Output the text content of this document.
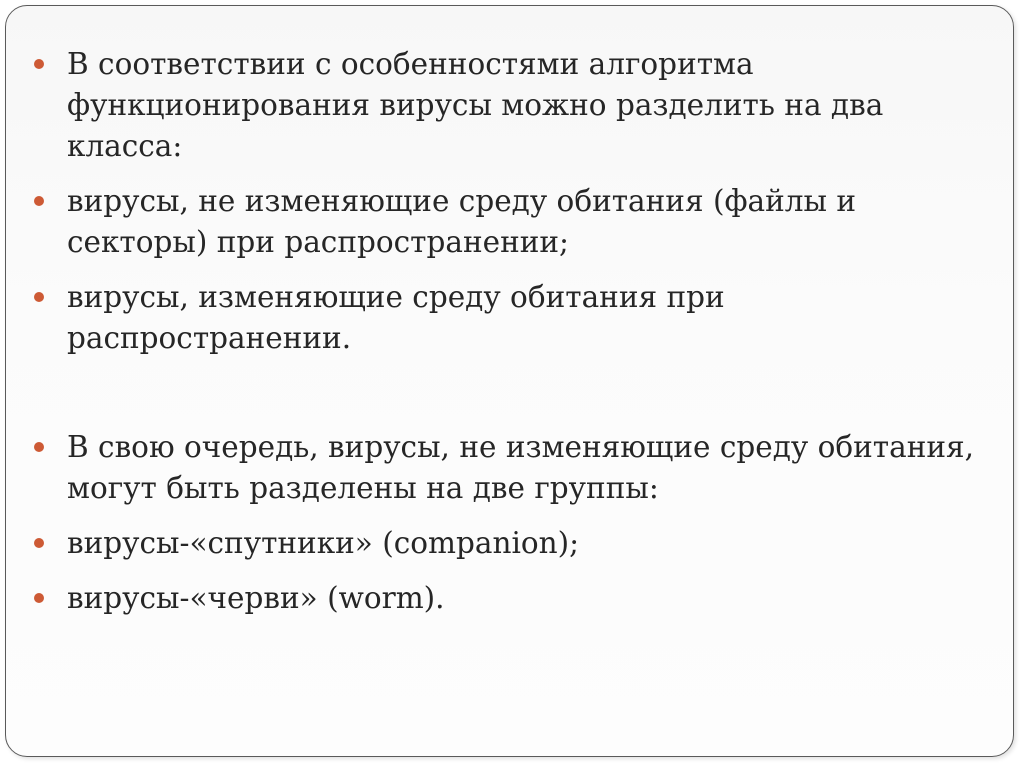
В соответствии с особенностями алгоритма функционирования вирусы можно разделить на два класса:
вирусы, не изменяющие среду обитания (файлы и секторы) при распространении;
вирусы, изменяющие среду обитания при распространении.
В свою очередь, вирусы, не изменяющие среду обитания, могут быть разделены на две группы:
вирусы-«спутники» (companion);
вирусы-«черви» (worm).
